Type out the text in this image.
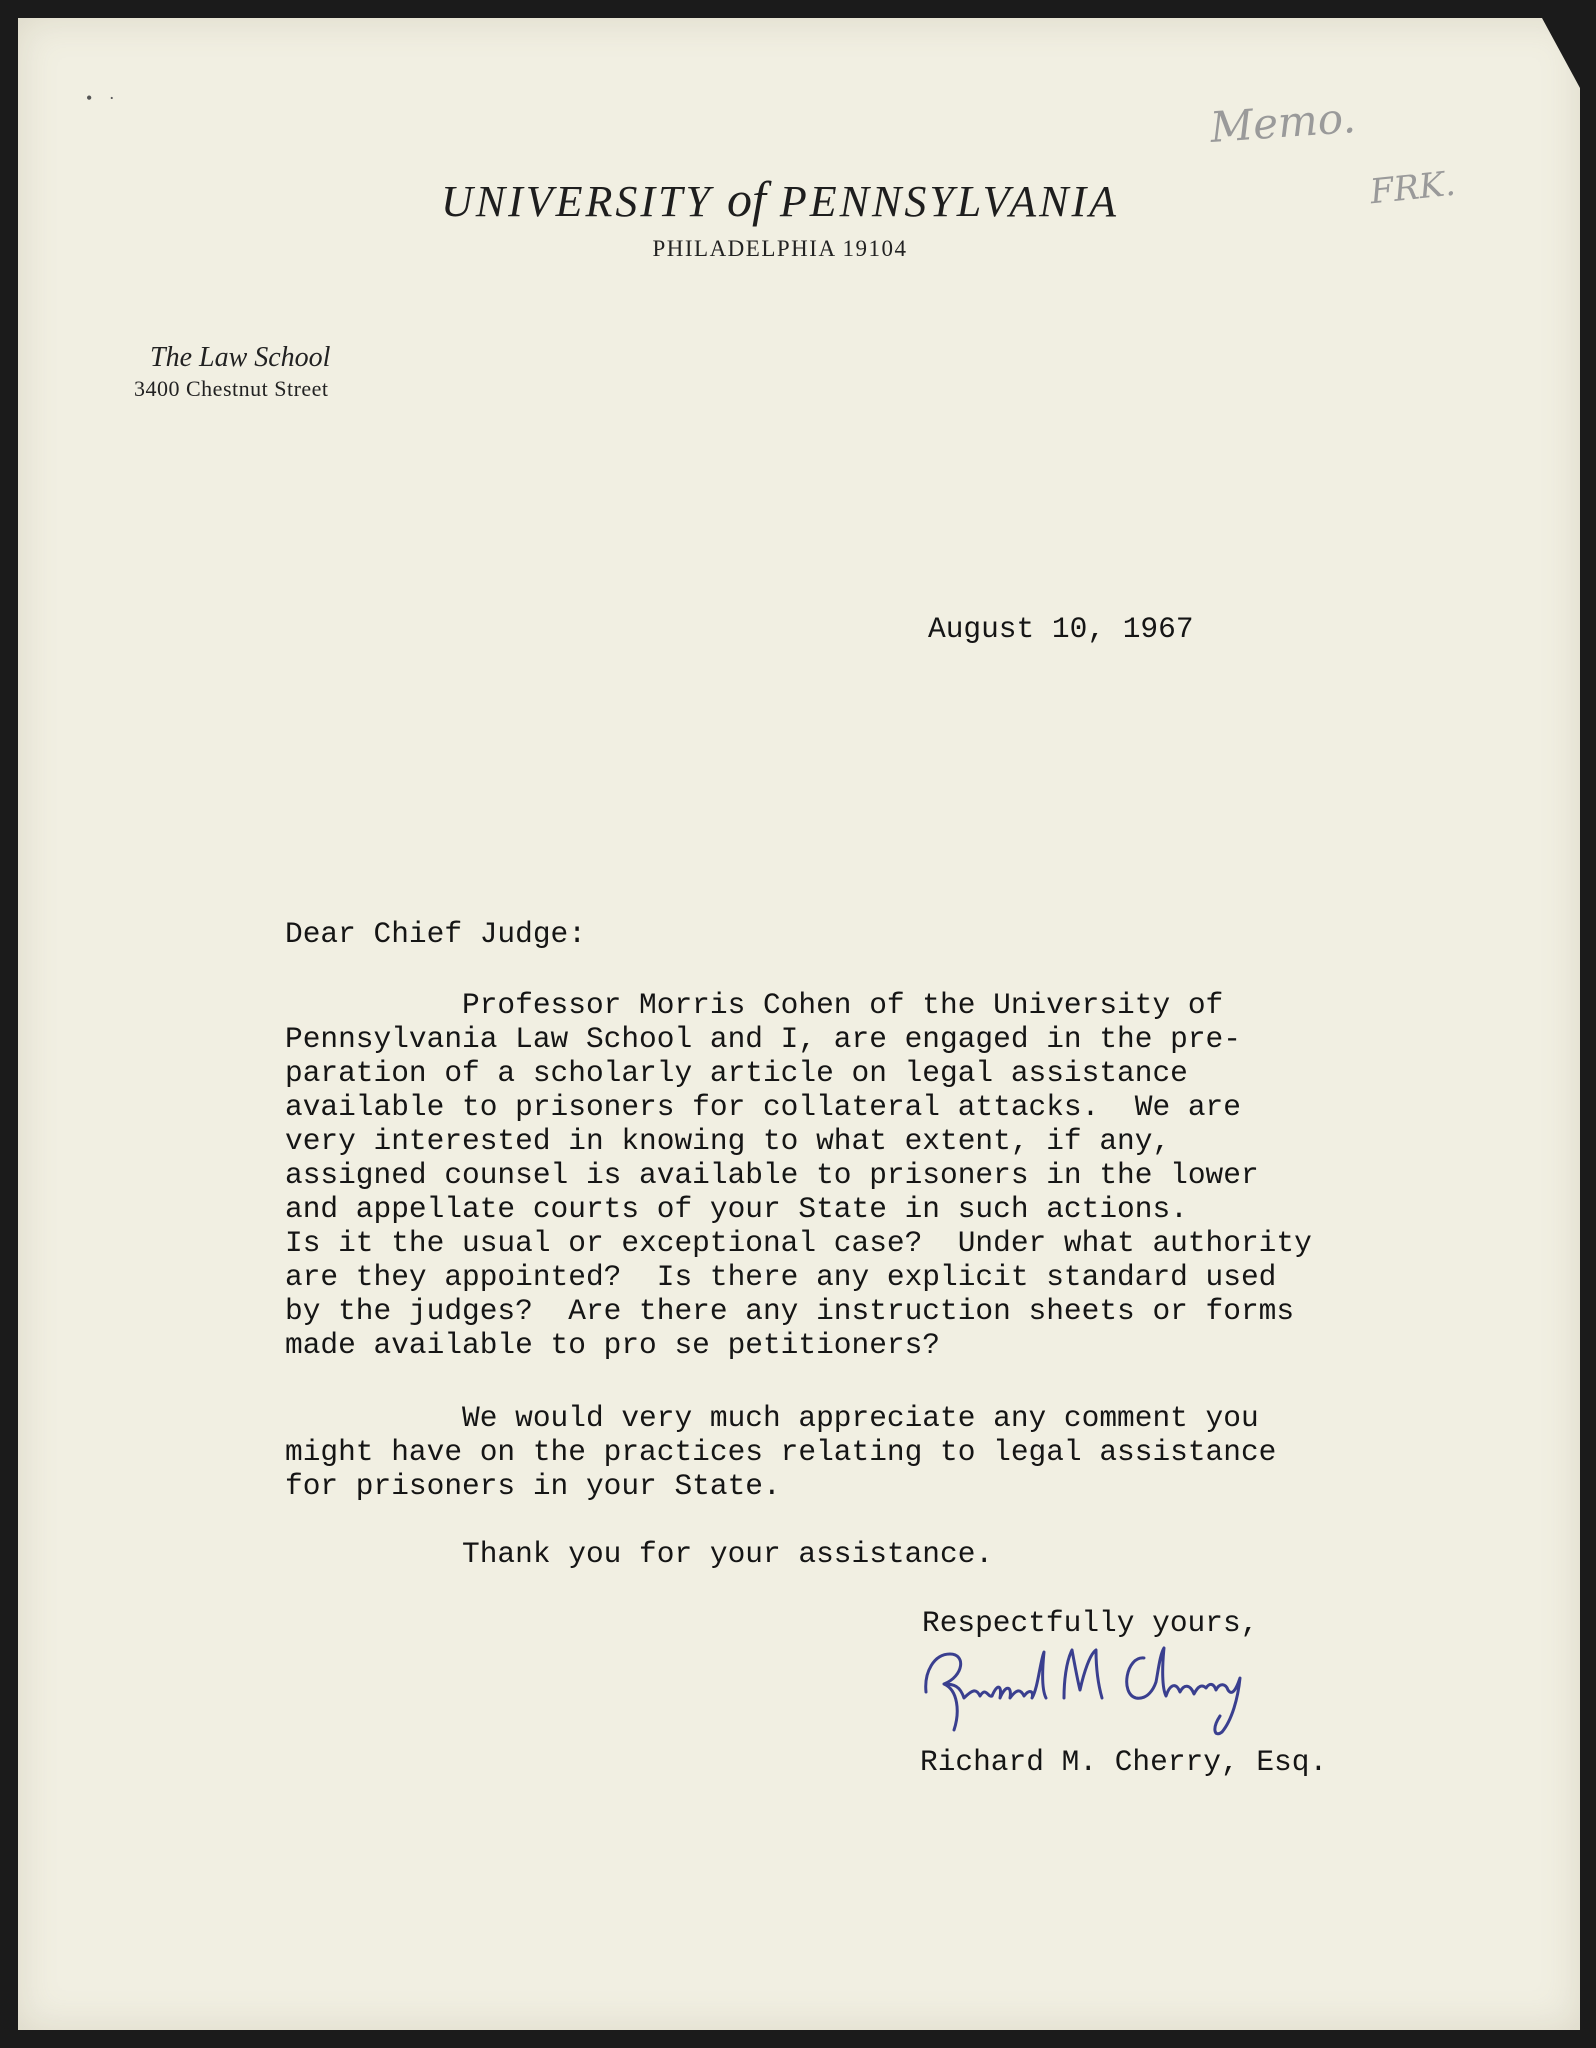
• ·
UNIVERSITY of PENNSYLVANIA
PHILADELPHIA 19104
The Law School
3400 Chestnut Street
Memo.
FRK.
August 10, 1967
Dear Chief Judge:
Professor Morris Cohen of the University of
Pennsylvania Law School and I, are engaged in the pre-
paration of a scholarly article on legal assistance
available to prisoners for collateral attacks.  We are
very interested in knowing to what extent, if any,
assigned counsel is available to prisoners in the lower
and appellate courts of your State in such actions.
Is it the usual or exceptional case?  Under what authority
are they appointed?  Is there any explicit standard used
by the judges?  Are there any instruction sheets or forms
made available to pro se petitioners?
We would very much appreciate any comment you
might have on the practices relating to legal assistance
for prisoners in your State.
Thank you for your assistance.
Respectfully yours,
Richard M. Cherry, Esq.
